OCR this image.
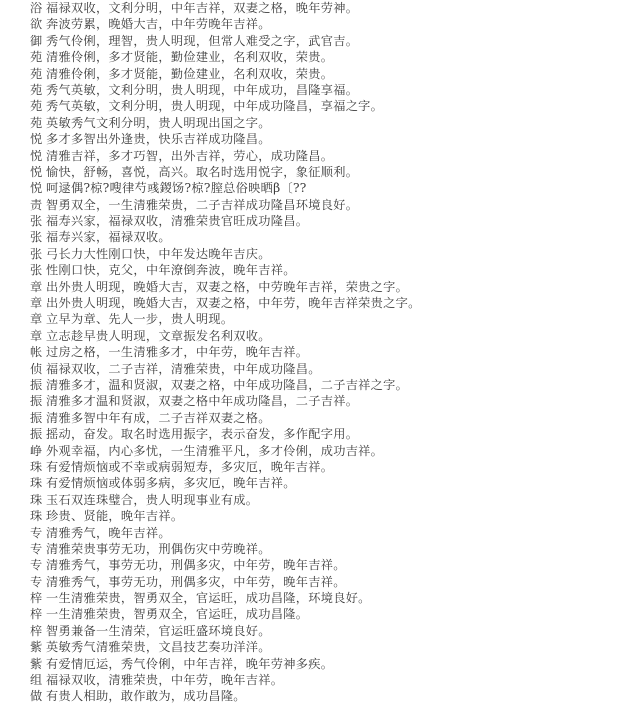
浴 福禄双收，文利分明，中年吉祥，双妻之格，晚年劳神。
欲 奔波劳累，晚婚大吉，中年劳晚年吉祥。
御 秀气伶俐，理智，贵人明现，但常人难受之字，武官吉。
苑 清雅伶俐，多才贤能，勤俭建业，名利双收，荣贵。
苑 清雅伶俐，多才贤能，勤俭建业，名利双收，荣贵。
苑 秀气英敏，文利分明，贵人明现，中年成功，昌隆享福。
苑 秀气英敏，文利分明，贵人明现，中年成功隆昌，享福之字。
苑 英敏秀气文利分明，贵人明现出国之字。
悦 多才多智出外逢贵，快乐吉祥成功隆昌。
悦 清雅吉祥，多才巧智，出外吉祥，劳心，成功隆昌。
悦 愉快，舒畅，喜悦，高兴。取名时选用悦字，象征顺利。
悦 呵逯偶?椋?嗖律芍彧鍐饧?椋?膣总俗映晒β〔??
责 智勇双全，一生清雅荣贵，二子吉祥成功隆昌环境良好。
张 福寿兴家，福禄双收，清雅荣贵官旺成功隆昌。
张 福寿兴家，福禄双收。
张 弓长力大性刚口快，中年发达晚年吉庆。
张 性刚口快，克父，中年潦倒奔波，晚年吉祥。
章 出外贵人明现，晚婚大吉，双妻之格，中劳晚年吉祥，荣贵之字。
章 出外贵人明现，晚婚大吉，双妻之格，中年劳，晚年吉祥荣贵之字。
章 立早为章、先人一步，贵人明现。
章 立志趁早贵人明现，文章振发名利双收。
帐 过房之格，一生清雅多才，中年劳，晚年吉祥。
侦 福禄双收，二子吉祥，清雅荣贵，中年成功隆昌。
振 清雅多才，温和贤淑，双妻之格，中年成功隆昌，二子吉祥之字。
振 清雅多才温和贤淑，双妻之格中年成功隆昌，二子吉祥。
振 清雅多智中年有成，二子吉祥双妻之格。
振 摇动，奋发。取名时选用振字，表示奋发，多作配字用。
峥 外观幸福，内心多忧，一生清雅平凡，多才伶俐，成功吉祥。
珠 有爱情烦恼或不幸或病弱短寿，多灾厄，晚年吉祥。
珠 有爱情烦恼或体弱多病，多灾厄，晚年吉祥。
珠 玉石双连珠璧合，贵人明现事业有成。
珠 珍贵、贤能，晚年吉祥。
专 清雅秀气，晚年吉祥。
专 清雅荣贵事劳无功，刑偶伤灾中劳晚祥。
专 清雅秀气，事劳无功，刑偶多灾，中年劳，晚年吉祥。
专 清雅秀气，事劳无功，刑偶多灾，中年劳，晚年吉祥。
梓 一生清雅荣贵，智勇双全，官运旺，成功昌隆，环境良好。
梓 一生清雅荣贵，智勇双全，官运旺，成功昌隆。
梓 智勇兼备一生清荣，官运旺盛环境良好。
紫 英敏秀气清雅荣贵，文昌技艺奏功洋洋。
紫 有爱情厄运，秀气伶俐，中年吉祥，晚年劳神多疾。
组 福禄双收，清雅荣贵，中年劳，晚年吉祥。
做 有贵人相助，敢作敢为，成功昌隆。
